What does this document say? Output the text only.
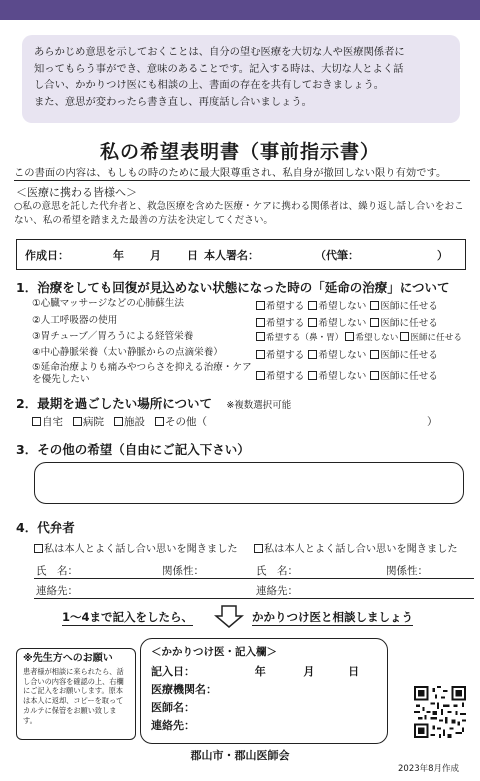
あらかじめ意思を示しておくことは、自分の望む医療を大切な人や医療関係者に
知ってもらう事ができ、意味のあることです。記入する時は、大切な人とよく話
し合い、かかりつけ医にも相談の上、書面の存在を共有しておきましょう。
また、意思が変わったら書き直し、再度話し合いましょう。
私の希望表明書（事前指示書）
この書面の内容は、もしもの時のために最大限尊重され、私自身が撤回しない限り有効です。
＜医療に携わる皆様へ＞
○私の意思を託した代弁者と、救急医療を含めた医療・ケアに携わる関係者は、繰り返し話し合いをおこない、私の希望を踏まえた最善の方法を決定してください。
作成日：	年 月 日 本人署名：	（代筆：	）
1．治療をしても回復が見込めない状態になった時の「延命の治療」について
①心臓マッサージなどの心肺蘇生法	希望する	希望しない	医師に任せる
②人工呼吸器の使用	希望する	希望しない	医師に任せる
③胃チューブ／胃ろうによる経管栄養	希望する（鼻・胃）	希望しない	医師に任せる
④中心静脈栄養（太い静脈からの点滴栄養）	希望する	希望しない	医師に任せる
⑤延命治療よりも痛みやつらさを抑える治療・ケアを優先したい	希望する	希望しない	医師に任せる
2．最期を過ごしたい場所について ※複数選択可能
自宅	病院	施設	その他（	）
3．その他の希望（自由にご記入下さい）
4．代弁者
私は本人とよく話し合い思いを聞きました
氏　名：	関係性：
連絡先：
私は本人とよく話し合い思いを聞きました
氏　名：	関係性：
連絡先：
1～4まで記入をしたら、	かかりつけ医と相談しましょう
※先生方へのお願い
患者様が相談に来られたら、話し合いの内容を確認の上、右欄にご記入をお願いします。原本は本人に返却、コピーを取ってカルテに保管をお願い致します。
＜かかりつけ医・記入欄＞
記入日：	年	月	日
医療機関名：
医師名：
連絡先：
郡山市・郡山医師会
2023年8月作成
